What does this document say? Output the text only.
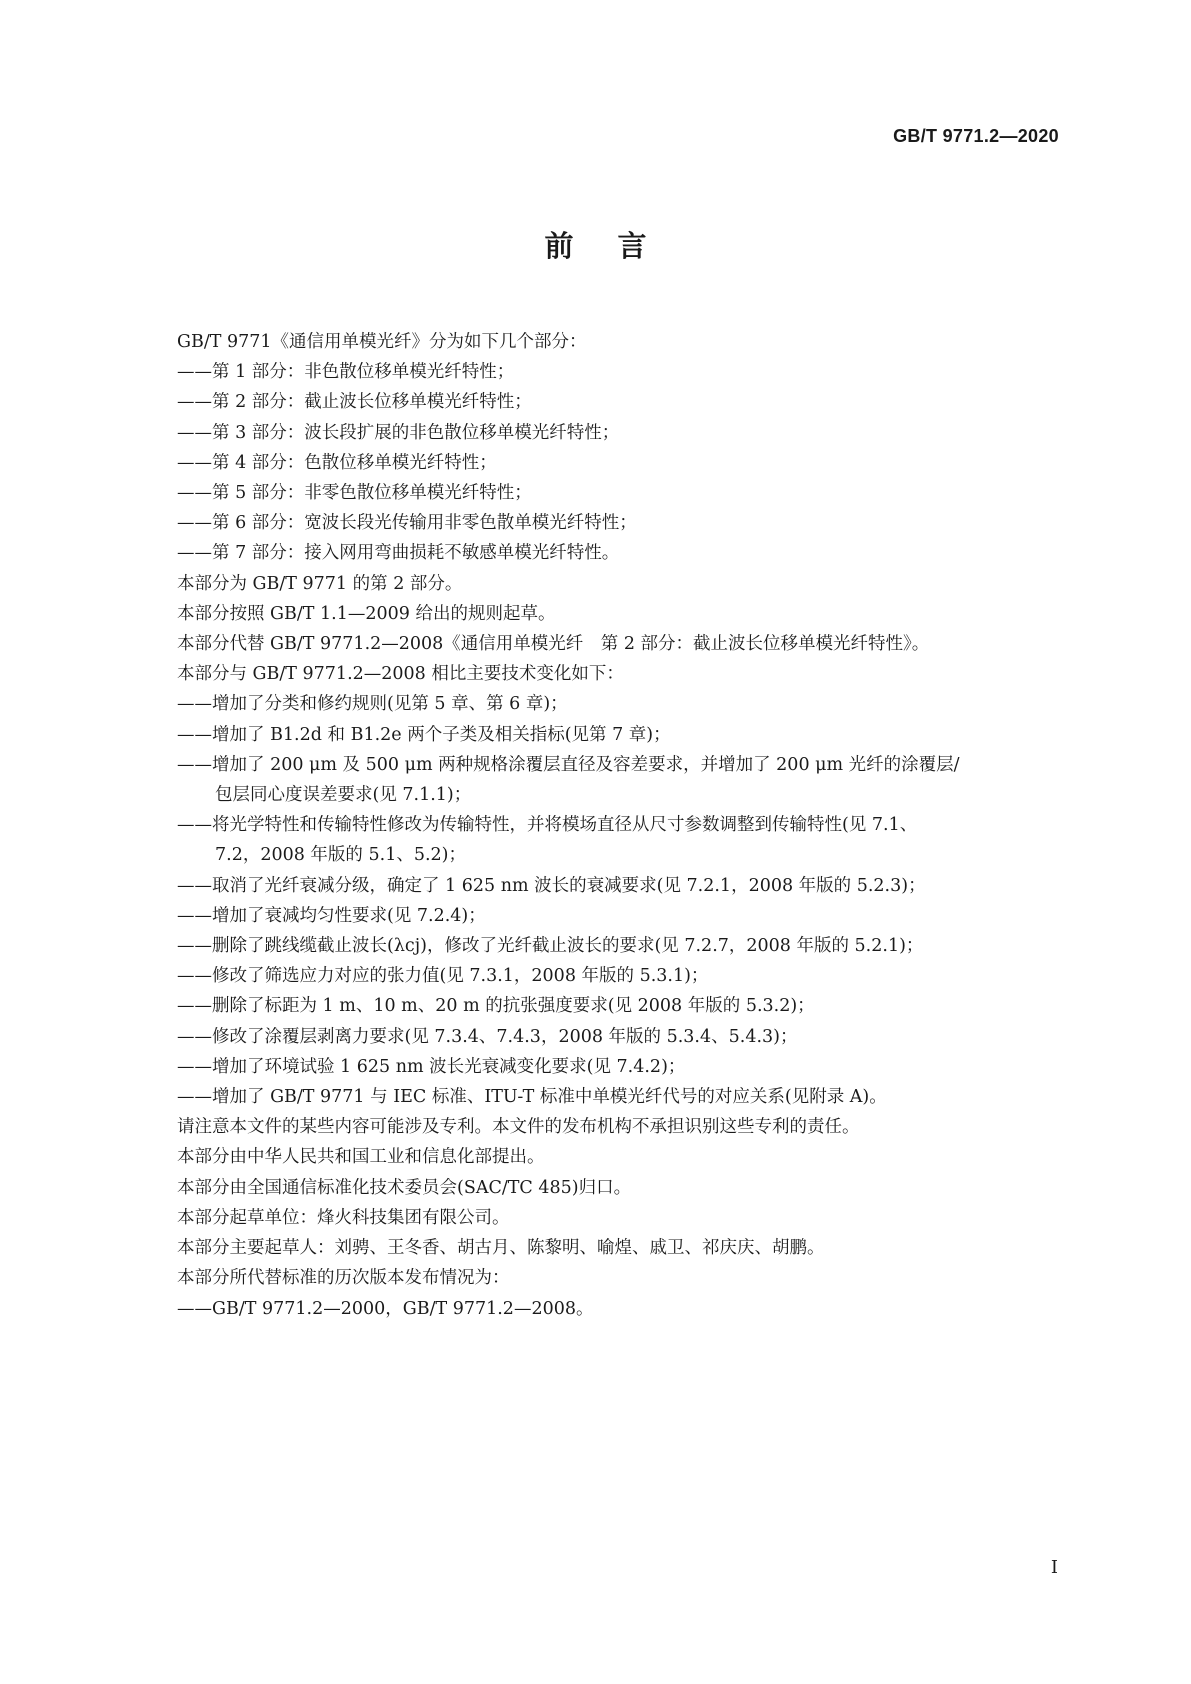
GB/T 9771.2—2020
前言
GB/T 9771《通信用单模光纤》分为如下几个部分：
——第 1 部分：非色散位移单模光纤特性；
——第 2 部分：截止波长位移单模光纤特性；
——第 3 部分：波长段扩展的非色散位移单模光纤特性；
——第 4 部分：色散位移单模光纤特性；
——第 5 部分：非零色散位移单模光纤特性；
——第 6 部分：宽波长段光传输用非零色散单模光纤特性；
——第 7 部分：接入网用弯曲损耗不敏感单模光纤特性。
本部分为 GB/T 9771 的第 2 部分。
本部分按照 GB/T 1.1—2009 给出的规则起草。
本部分代替 GB/T 9771.2—2008《通信用单模光纤　第 2 部分：截止波长位移单模光纤特性》。
本部分与 GB/T 9771.2—2008 相比主要技术变化如下：
——增加了分类和修约规则(见第 5 章、第 6 章)；
——增加了 B1.2d 和 B1.2e 两个子类及相关指标(见第 7 章)；
——增加了 200 μm 及 500 μm 两种规格涂覆层直径及容差要求，并增加了 200 μm 光纤的涂覆层/
包层同心度误差要求(见 7.1.1)；
——将光学特性和传输特性修改为传输特性，并将模场直径从尺寸参数调整到传输特性(见 7.1、
7.2，2008 年版的 5.1、5.2)；
——取消了光纤衰减分级，确定了 1 625 nm 波长的衰减要求(见 7.2.1，2008 年版的 5.2.3)；
——增加了衰减均匀性要求(见 7.2.4)；
——删除了跳线缆截止波长(λcj)，修改了光纤截止波长的要求(见 7.2.7，2008 年版的 5.2.1)；
——修改了筛选应力对应的张力值(见 7.3.1，2008 年版的 5.3.1)；
——删除了标距为 1 m、10 m、20 m 的抗张强度要求(见 2008 年版的 5.3.2)；
——修改了涂覆层剥离力要求(见 7.3.4、7.4.3，2008 年版的 5.3.4、5.4.3)；
——增加了环境试验 1 625 nm 波长光衰减变化要求(见 7.4.2)；
——增加了 GB/T 9771 与 IEC 标准、ITU-T 标准中单模光纤代号的对应关系(见附录 A)。
请注意本文件的某些内容可能涉及专利。本文件的发布机构不承担识别这些专利的责任。
本部分由中华人民共和国工业和信息化部提出。
本部分由全国通信标准化技术委员会(SAC/TC 485)归口。
本部分起草单位：烽火科技集团有限公司。
本部分主要起草人：刘骋、王冬香、胡古月、陈黎明、喻煌、戚卫、祁庆庆、胡鹏。
本部分所代替标准的历次版本发布情况为：
——GB/T 9771.2—2000，GB/T 9771.2—2008。
I
